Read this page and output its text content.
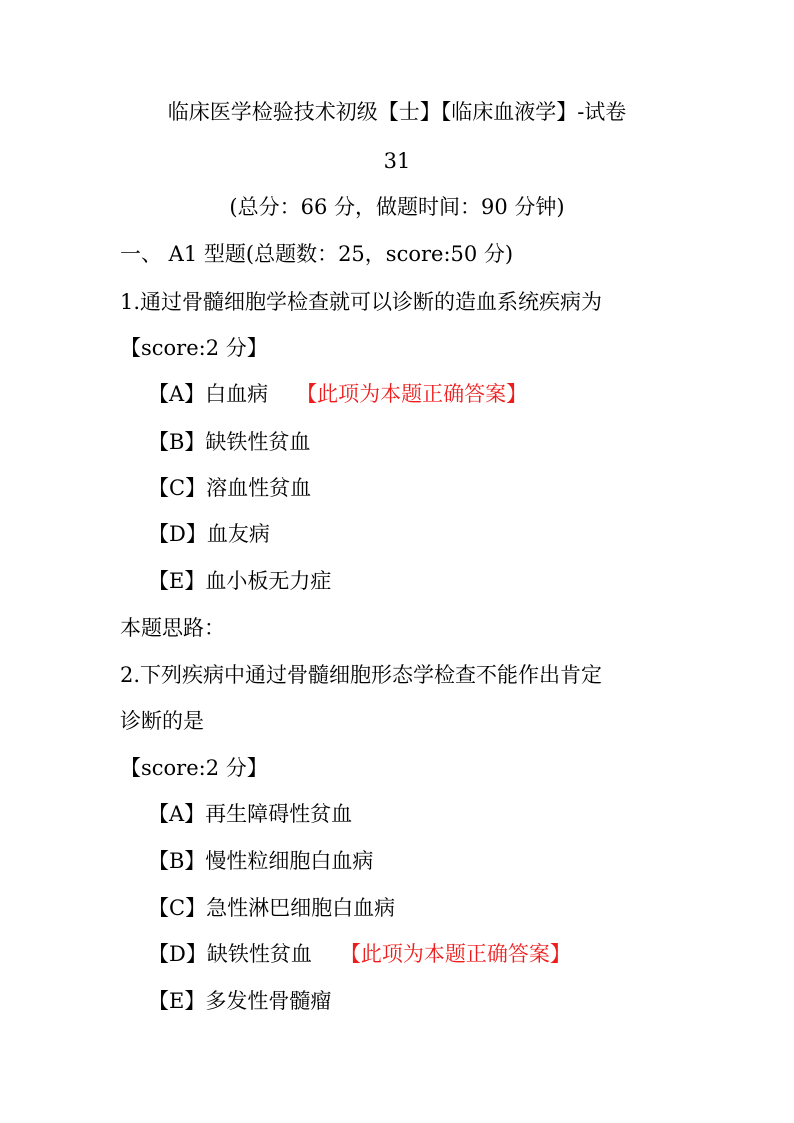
临床医学检验技术初级【士】【临床血液学】-试卷
31
(总分：66 分，做题时间：90 分钟)
一、 A1 型题(总题数：25，score:50 分)
1.通过骨髓细胞学检查就可以诊断的造血系统疾病为
【score:2 分】
【A】白血病 【此项为本题正确答案】
【B】缺铁性贫血
【C】溶血性贫血
【D】血友病
【E】血小板无力症
本题思路：
2.下列疾病中通过骨髓细胞形态学检查不能作出肯定
诊断的是
【score:2 分】
【A】再生障碍性贫血
【B】慢性粒细胞白血病
【C】急性淋巴细胞白血病
【D】缺铁性贫血 【此项为本题正确答案】
【E】多发性骨髓瘤
